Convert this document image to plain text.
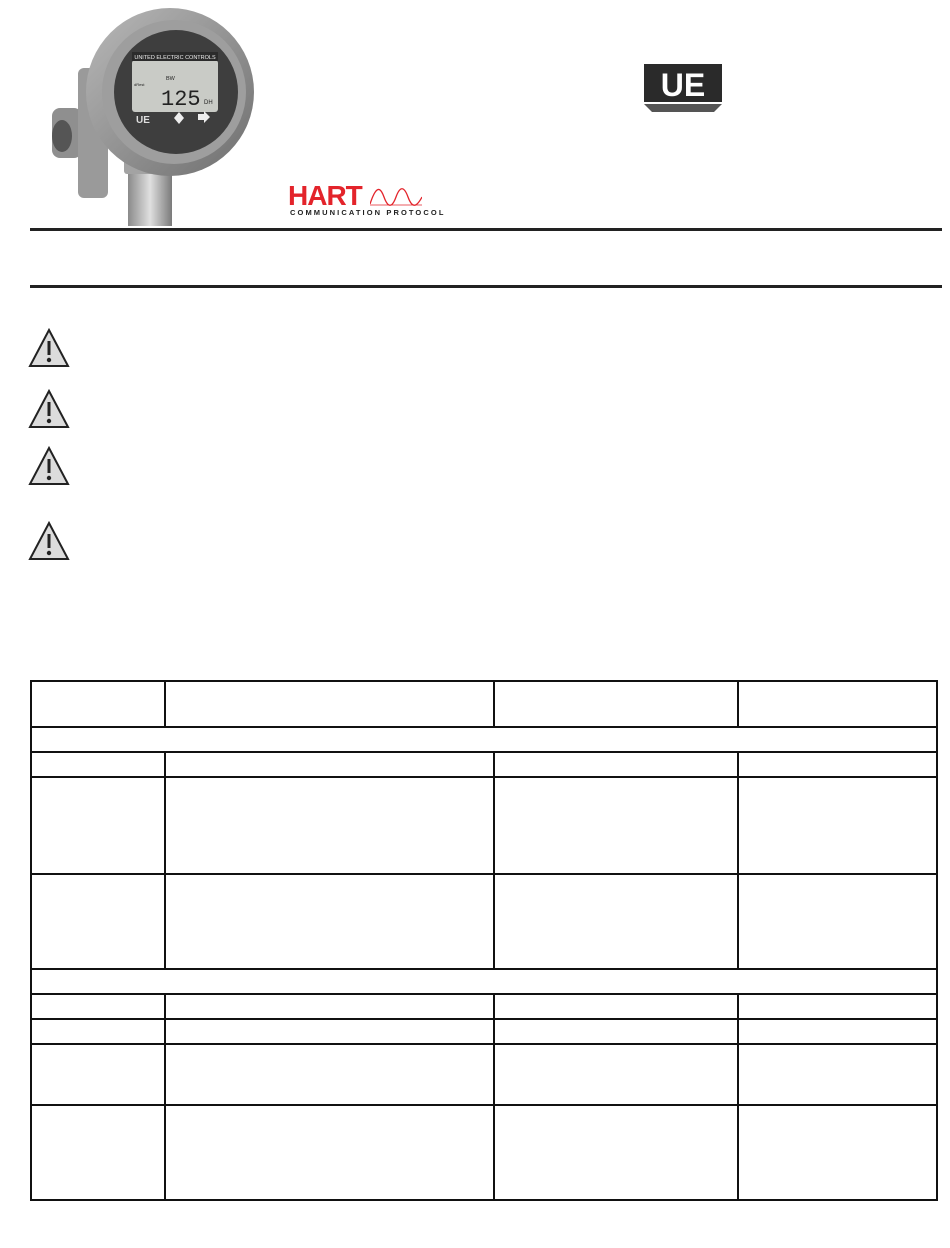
UNITED ELECTRIC CONTROLS
BW
dRest
125 DH
UE
HART
COMMUNICATION PROTOCOL
UE
